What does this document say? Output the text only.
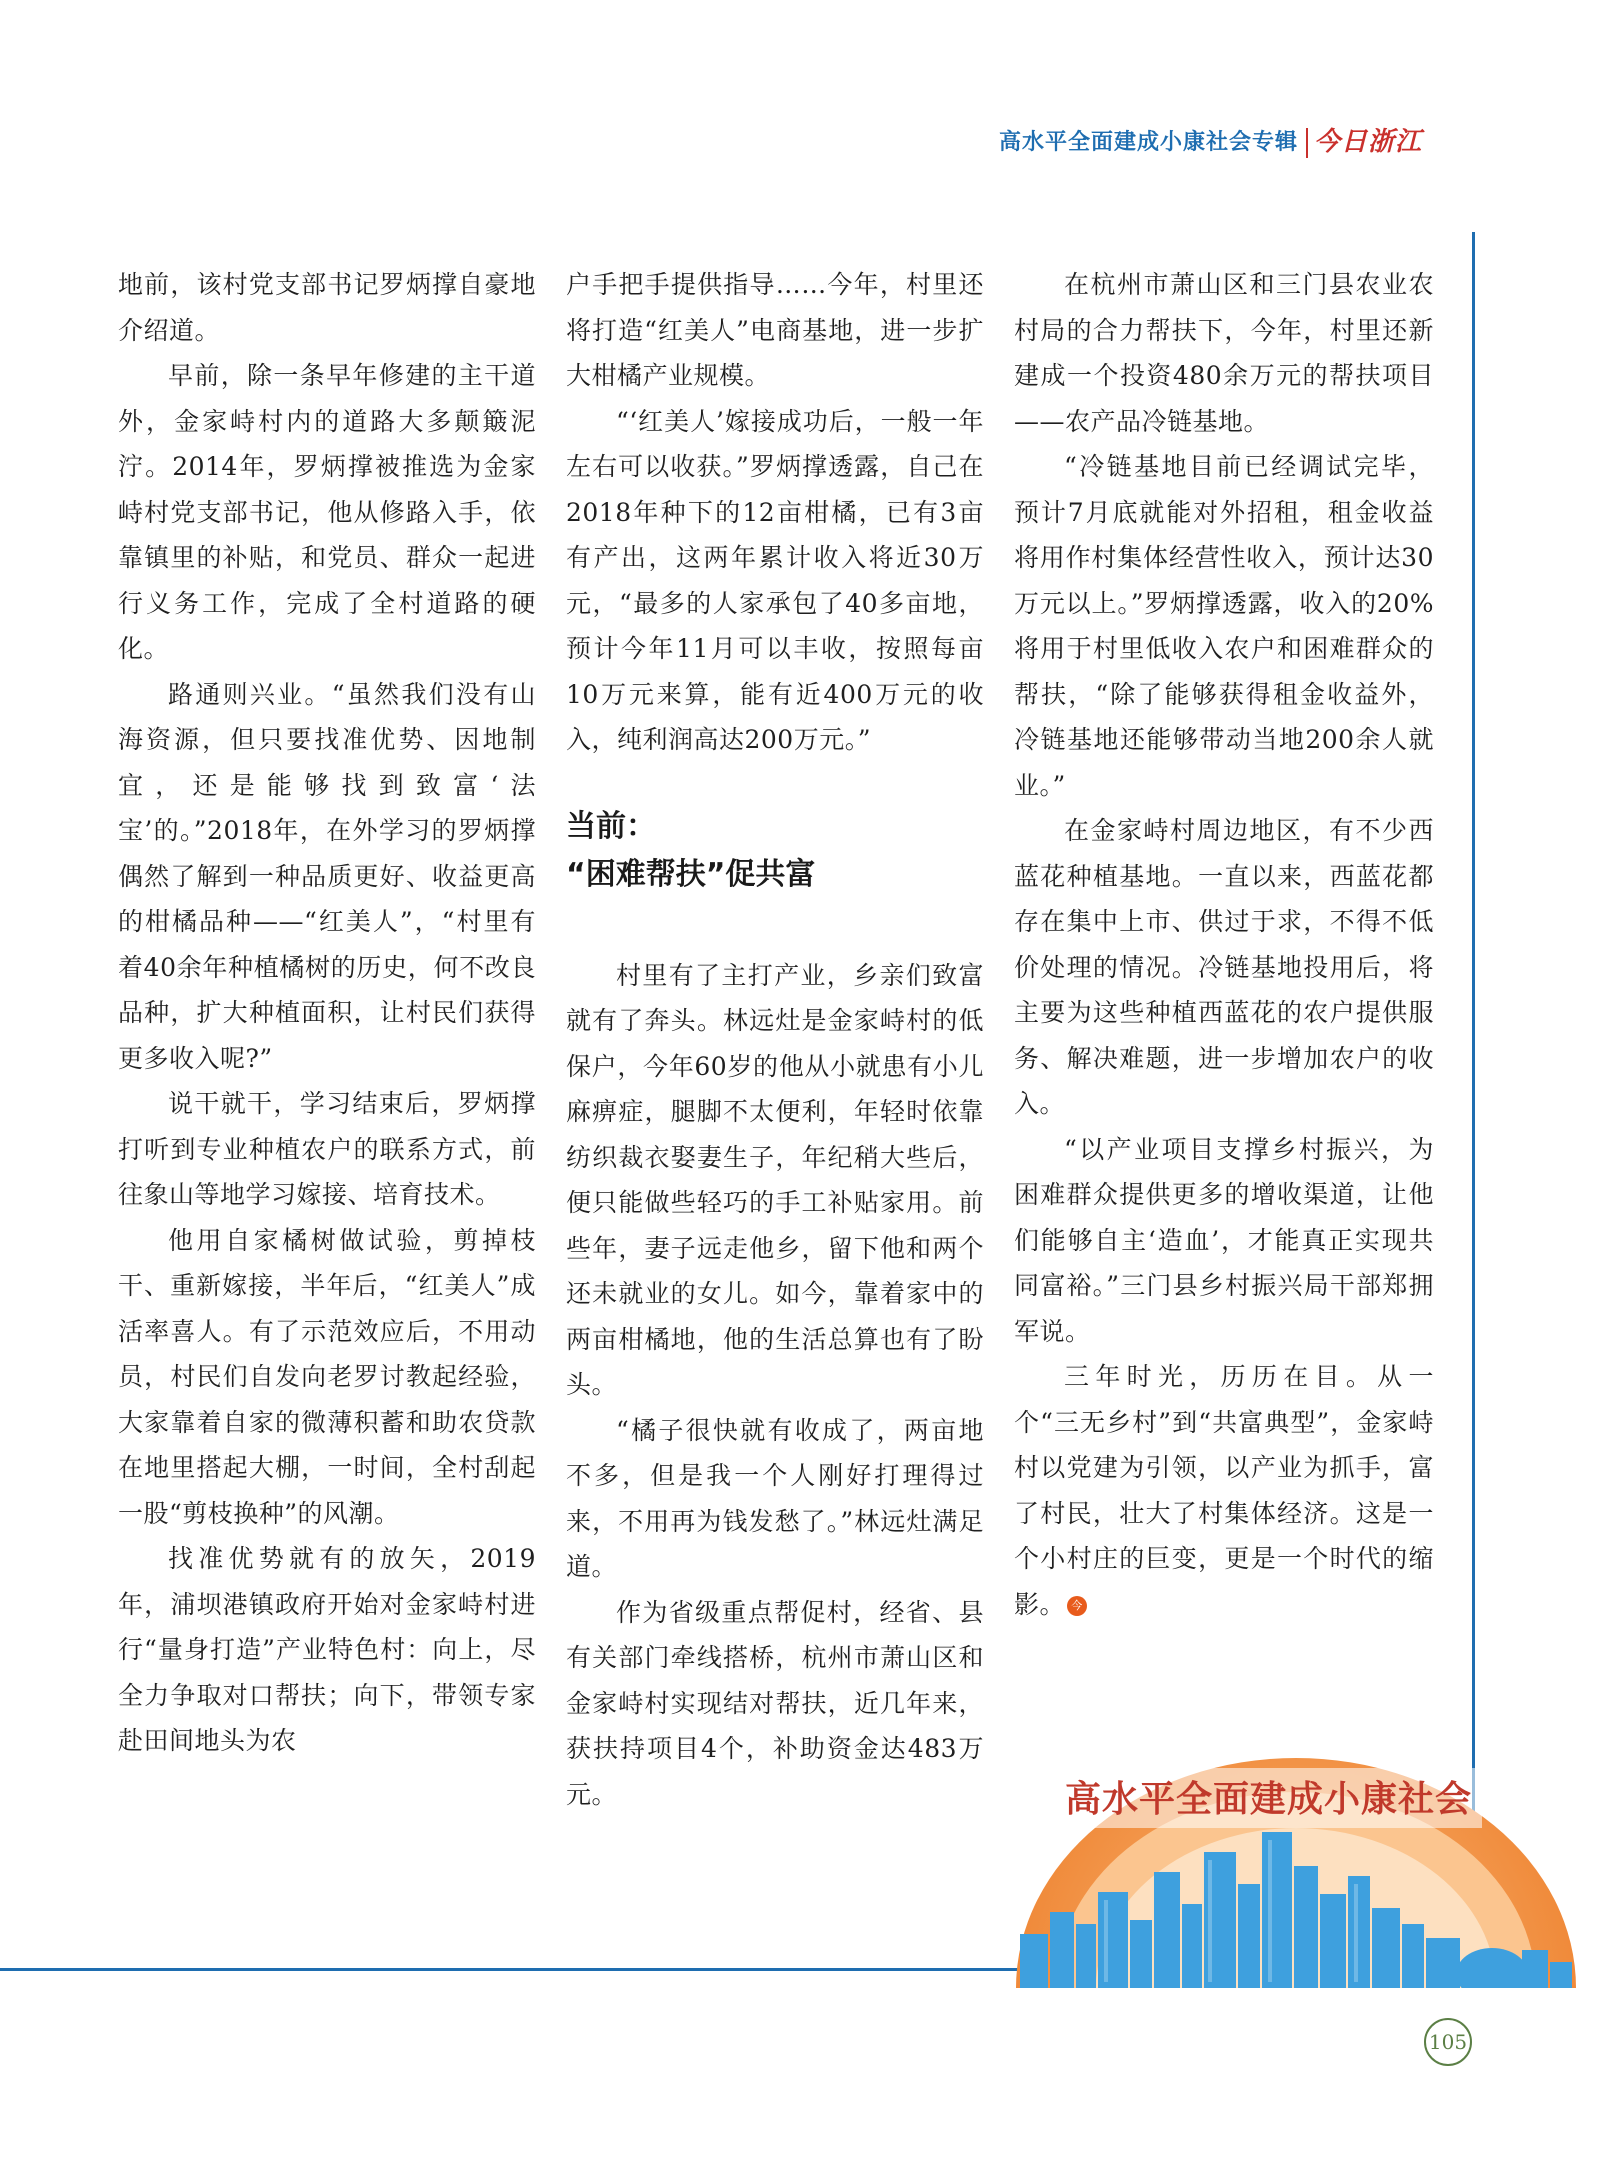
高水平全面建成小康社会专辑 今日浙江

地前，该村党支部书记罗炳撑自豪地介绍道。

早前，除一条早年修建的主干道外，金家峙村内的道路大多颠簸泥泞。2014年，罗炳撑被推选为金家峙村党支部书记，他从修路入手，依靠镇里的补贴，和党员、群众一起进行义务工作，完成了全村道路的硬化。

路通则兴业。“虽然我们没有山海资源，但只要找准优势、因地制宜，还是能够找到致富‘法宝’的。”2018年，在外学习的罗炳撑偶然了解到一种品质更好、收益更高的柑橘品种——“红美人”，“村里有着40余年种植橘树的历史，何不改良品种，扩大种植面积，让村民们获得更多收入呢?”

说干就干，学习结束后，罗炳撑打听到专业种植农户的联系方式，前往象山等地学习嫁接、培育技术。

他用自家橘树做试验，剪掉枝干、重新嫁接，半年后，“红美人”成活率喜人。有了示范效应后，不用动员，村民们自发向老罗讨教起经验，大家靠着自家的微薄积蓄和助农贷款在地里搭起大棚，一时间，全村刮起一股“剪枝换种”的风潮。

找准优势就有的放矢，2019年，浦坝港镇政府开始对金家峙村进行“量身打造”产业特色村：向上，尽全力争取对口帮扶；向下，带领专家赴田间地头为农

户手把手提供指导……今年，村里还将打造“红美人”电商基地，进一步扩大柑橘产业规模。

“‘红美人’嫁接成功后，一般一年左右可以收获。”罗炳撑透露，自己在2018年种下的12亩柑橘，已有3亩有产出，这两年累计收入将近30万元，“最多的人家承包了40多亩地，预计今年11月可以丰收，按照每亩10万元来算，能有近400万元的收入，纯利润高达200万元。”

当前：
“困难帮扶”促共富

村里有了主打产业，乡亲们致富就有了奔头。林远灶是金家峙村的低保户，今年60岁的他从小就患有小儿麻痹症，腿脚不太便利，年轻时依靠纺织裁衣娶妻生子，年纪稍大些后，便只能做些轻巧的手工补贴家用。前些年，妻子远走他乡，留下他和两个还未就业的女儿。如今，靠着家中的两亩柑橘地，他的生活总算也有了盼头。

“橘子很快就有收成了，两亩地不多，但是我一个人刚好打理得过来，不用再为钱发愁了。”林远灶满足道。

作为省级重点帮促村，经省、县有关部门牵线搭桥，杭州市萧山区和金家峙村实现结对帮扶，近几年来，获扶持项目4个，补助资金达483万元。

在杭州市萧山区和三门县农业农村局的合力帮扶下，今年，村里还新建成一个投资480余万元的帮扶项目——农产品冷链基地。

“冷链基地目前已经调试完毕，预计7月底就能对外招租，租金收益将用作村集体经营性收入，预计达30万元以上。”罗炳撑透露，收入的20%将用于村里低收入农户和困难群众的帮扶，“除了能够获得租金收益外，冷链基地还能够带动当地200余人就业。”

在金家峙村周边地区，有不少西蓝花种植基地。一直以来，西蓝花都存在集中上市、供过于求，不得不低价处理的情况。冷链基地投用后，将主要为这些种植西蓝花的农户提供服务、解决难题，进一步增加农户的收入。

“以产业项目支撑乡村振兴，为困难群众提供更多的增收渠道，让他们能够自主‘造血’，才能真正实现共同富裕。”三门县乡村振兴局干部郑拥军说。

三年时光，历历在目。从一个“三无乡村”到“共富典型”，金家峙村以党建为引领，以产业为抓手，富了村民，壮大了村集体经济。这是一个小村庄的巨变，更是一个时代的缩影。 今

高水平全面建成小康社会
105
